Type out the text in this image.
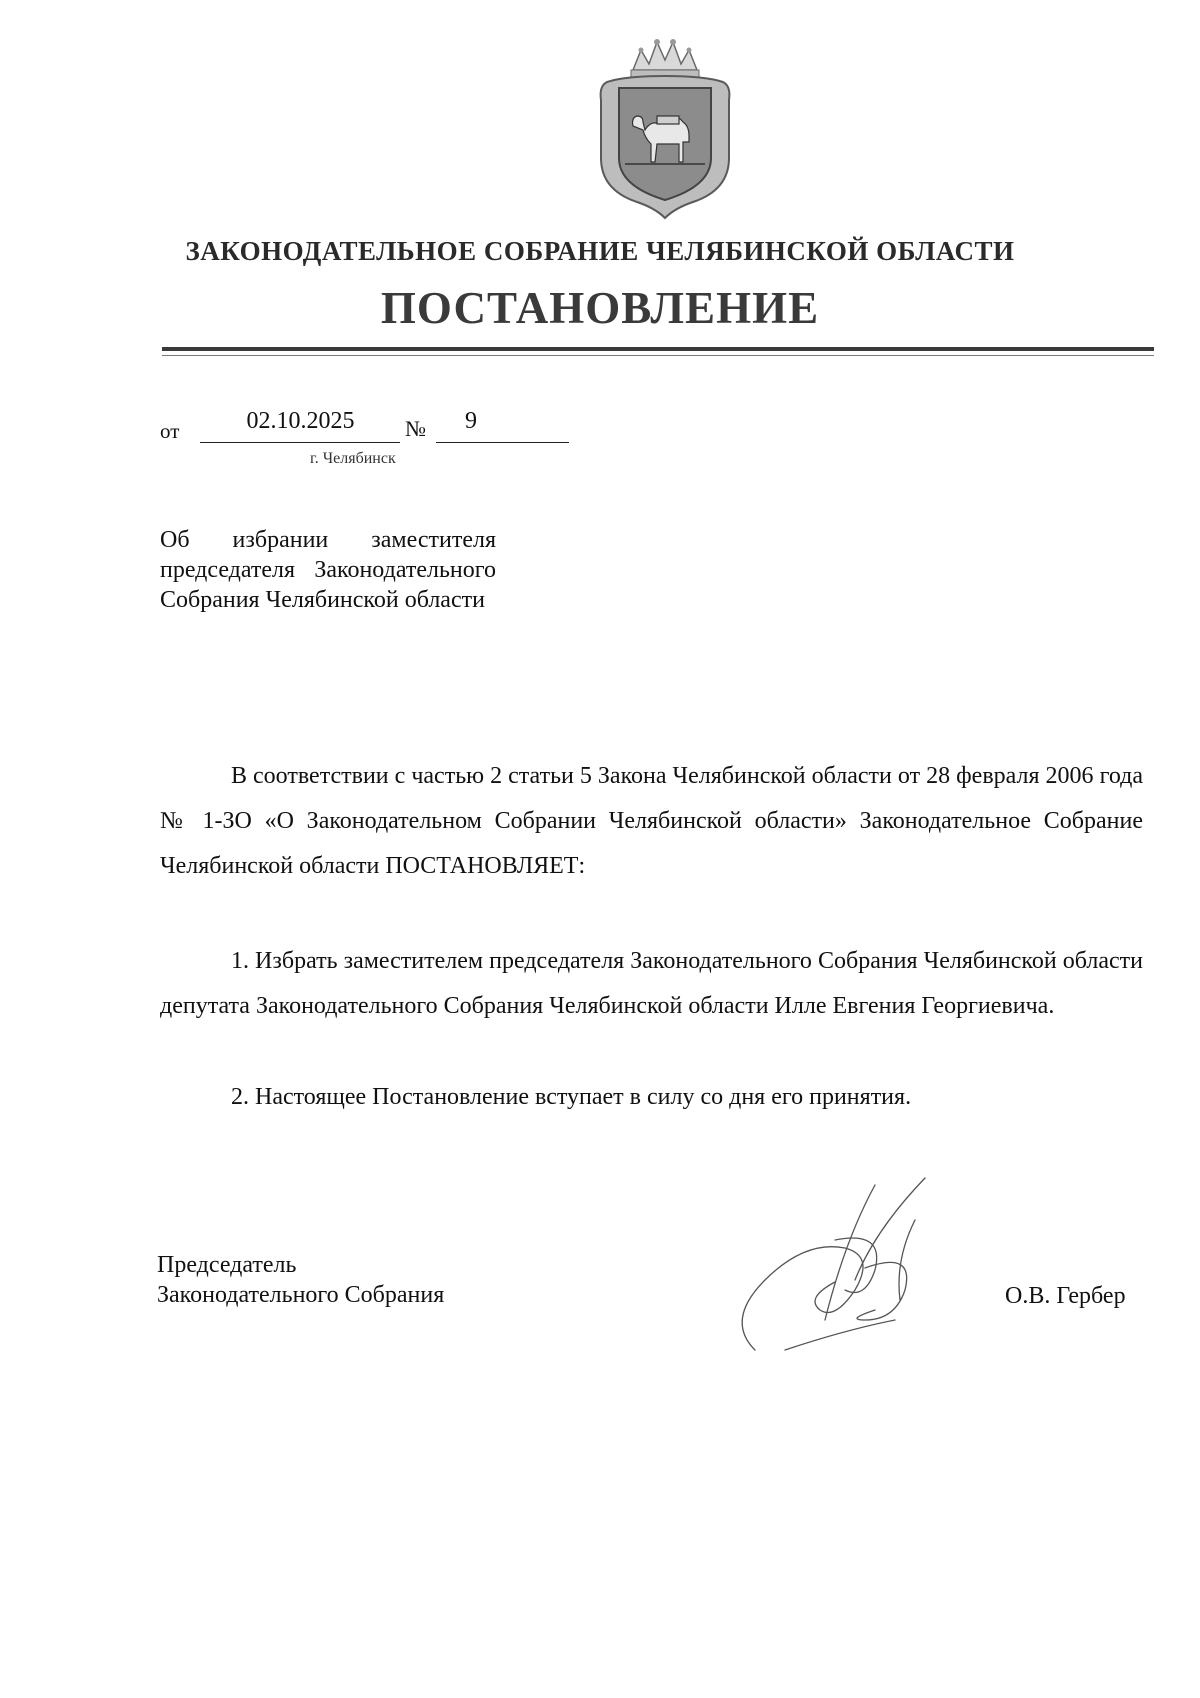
ЗАКОНОДАТЕЛЬНОЕ СОБРАНИЕ ЧЕЛЯБИНСКОЙ ОБЛАСТИ
ПОСТАНОВЛЕНИЕ
от	02.10.2025	№	9
г. Челябинск
Об избрании заместителя председателя Законодательного Собрания Челябинской области
В соответствии с частью 2 статьи 5 Закона Челябинской области от 28 февраля 2006 года № 1-ЗО «О Законодательном Собрании Челябинской области» Законодательное Собрание Челябинской области ПОСТАНОВЛЯЕТ:
1. Избрать заместителем председателя Законодательного Собрания Челябинской области депутата Законодательного Собрания Челябинской области Илле Евгения Георгиевича.
2. Настоящее Постановление вступает в силу со дня его принятия.
Председатель
Законодательного Собрания	О.В. Гербер
